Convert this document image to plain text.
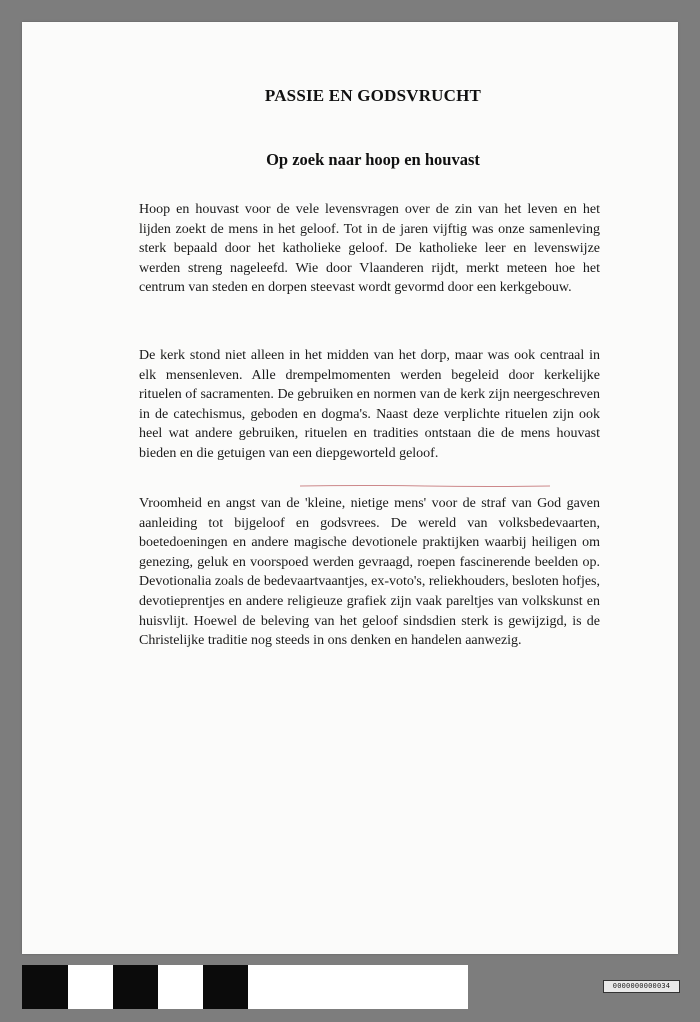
PASSIE EN GODSVRUCHT
Op zoek naar hoop en houvast

Hoop en houvast voor de vele levensvragen over de zin van het leven en het lijden zoekt de mens in het geloof. Tot in de jaren vijftig was onze samenleving sterk bepaald door het katholieke geloof. De katholieke leer en levenswijze werden streng nageleefd. Wie door Vlaanderen rijdt, merkt meteen hoe het centrum van steden en dorpen steevast wordt gevormd door een kerkgebouw.

De kerk stond niet alleen in het midden van het dorp, maar was ook centraal in elk mensenleven. Alle drempelmomenten werden begeleid door kerkelijke rituelen of sacramenten. De gebruiken en normen van de kerk zijn neergeschreven in de catechismus, geboden en dogma's. Naast deze verplichte rituelen zijn ook heel wat andere gebruiken, rituelen en tradities ontstaan die de mens houvast bieden en die getuigen van een diepgeworteld geloof.

Vroomheid en angst van de 'kleine, nietige mens' voor de straf van God gaven aanleiding tot bijgeloof en godsvrees. De wereld van volksbedevaarten, boetedoeningen en andere magische devotionele praktijken waarbij heiligen om genezing, geluk en voorspoed werden gevraagd, roepen fascinerende beelden op. Devotionalia zoals de bedevaartvaantjes, ex-voto's, reliekhouders, besloten hofjes, devotieprentjes en andere religieuze grafiek zijn vaak pareltjes van volkskunst en huisvlijt. Hoewel de beleving van het geloof sindsdien sterk is gewijzigd, is de Christelijke traditie nog steeds in ons denken en handelen aanwezig.

0000000000034
